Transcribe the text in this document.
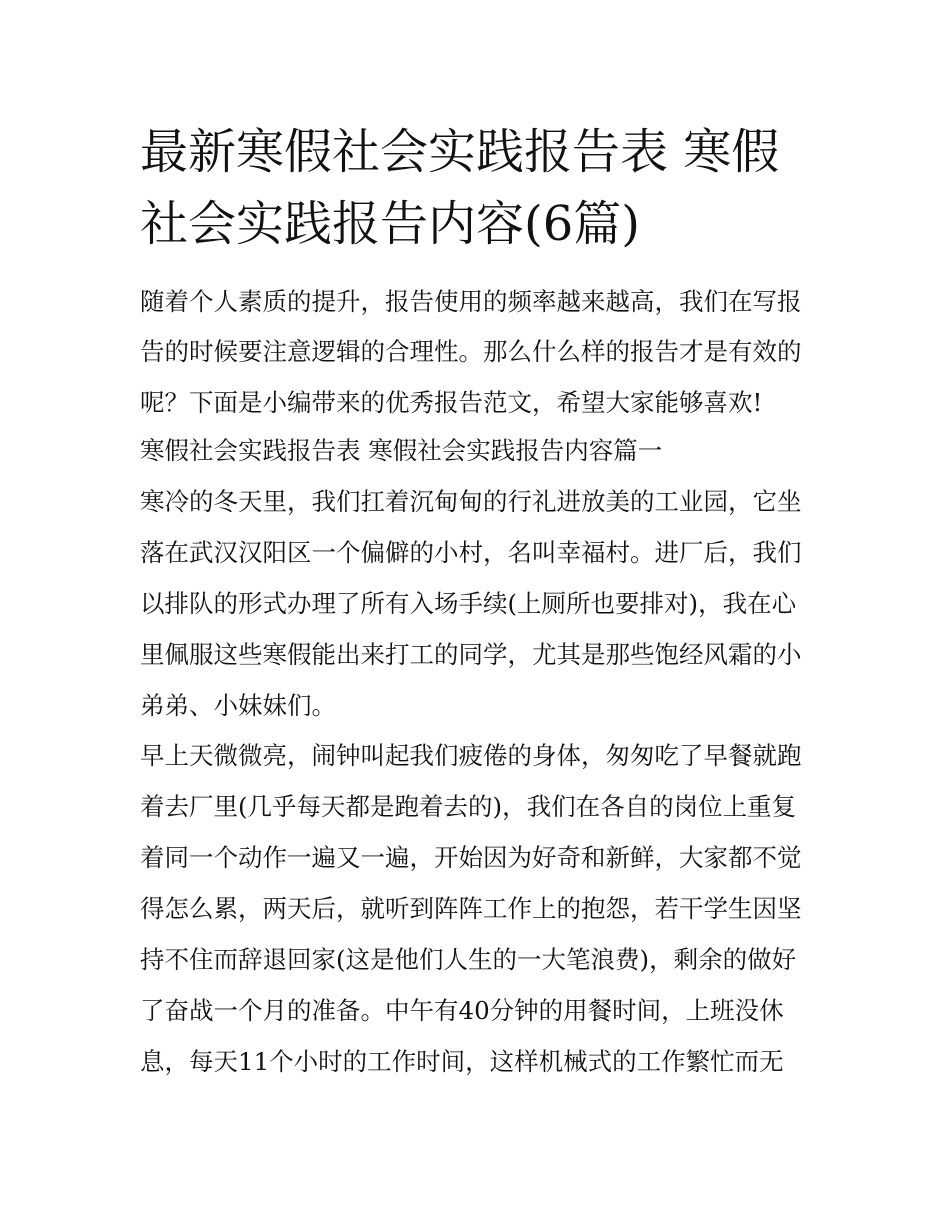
最新寒假社会实践报告表 寒假
社会实践报告内容(6篇)

随着个人素质的提升，报告使用的频率越来越高，我们在写报

告的时候要注意逻辑的合理性。那么什么样的报告才是有效的

呢？下面是小编带来的优秀报告范文，希望大家能够喜欢!

寒假社会实践报告表 寒假社会实践报告内容篇一

寒冷的冬天里，我们扛着沉甸甸的行礼进放美的工业园，它坐

落在武汉汉阳区一个偏僻的小村，名叫幸福村。进厂后，我们

以排队的形式办理了所有入场手续(上厕所也要排对)，我在心

里佩服这些寒假能出来打工的同学，尤其是那些饱经风霜的小

弟弟、小妹妹们。

早上天微微亮，闹钟叫起我们疲倦的身体，匆匆吃了早餐就跑

着去厂里(几乎每天都是跑着去的)，我们在各自的岗位上重复

着同一个动作一遍又一遍，开始因为好奇和新鲜，大家都不觉

得怎么累，两天后，就听到阵阵工作上的抱怨，若干学生因坚

持不住而辞退回家(这是他们人生的一大笔浪费)，剩余的做好

了奋战一个月的准备。中午有40分钟的用餐时间，上班没休

息，每天11个小时的工作时间，这样机械式的工作繁忙而无
